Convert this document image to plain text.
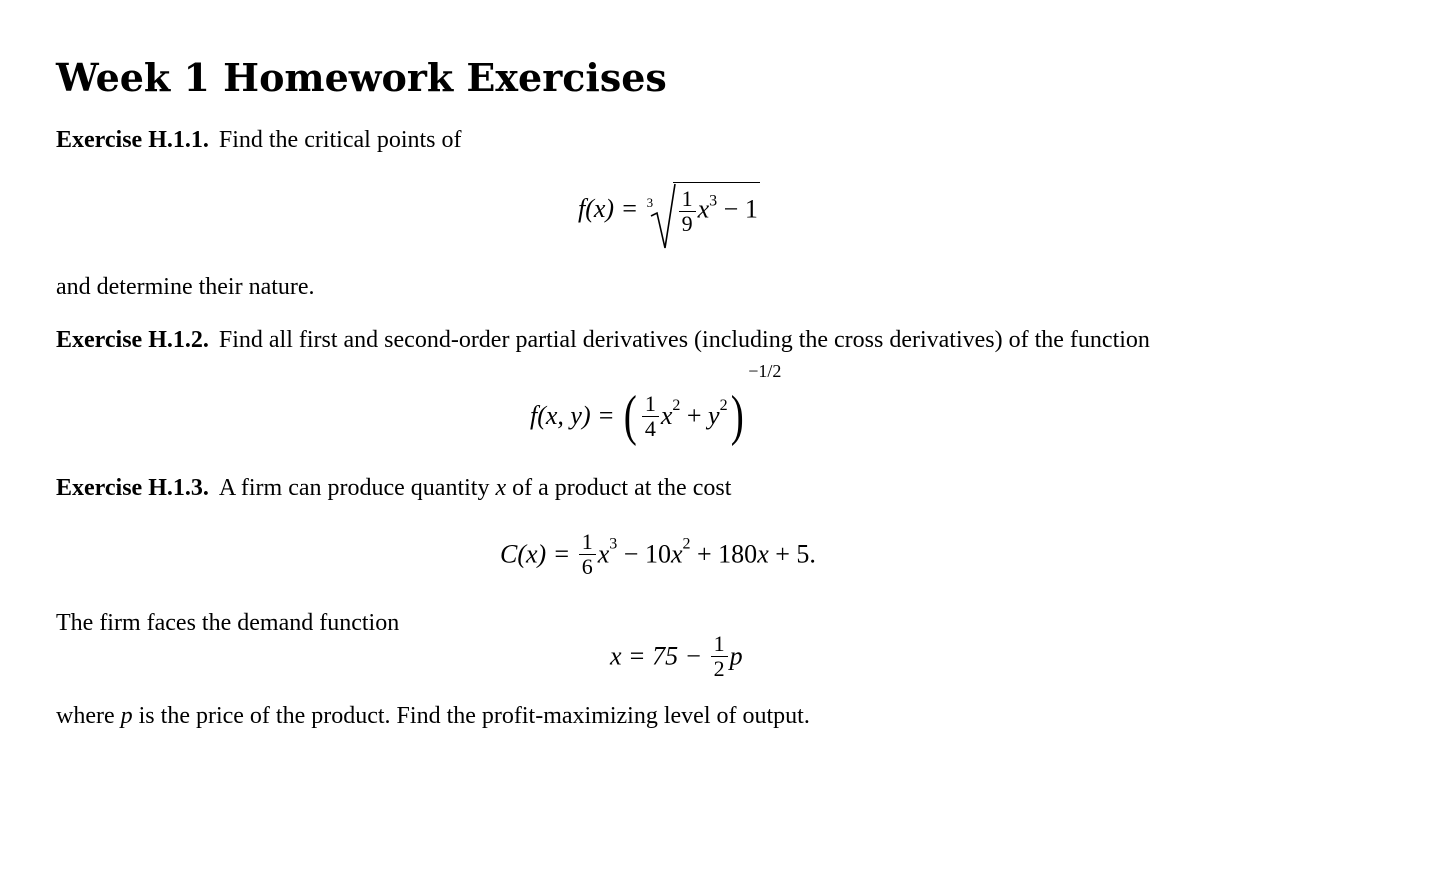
Week 1 Homework Exercises
Exercise H.1.1. Find the critical points of
$f(x) = 3 \frac{1}{9} x^3 - 1$
and determine their nature.
Exercise H.1.2. Find all first and second-order partial derivatives (including the cross derivatives) of the function
f(x, y) = ( $\frac{1}{4} x^2 + y^2)-1/2$
Exercise H.1.3. A firm can produce quantity x of a product at the cost
$C(x) = \frac{1}{6} x^3 - 10x^2 + 180x + 5$.
The firm faces the demand function
$x = 75 - \frac{1}{2}$ p
where p is the price of the product. Find the profit-maximizing level of output.
